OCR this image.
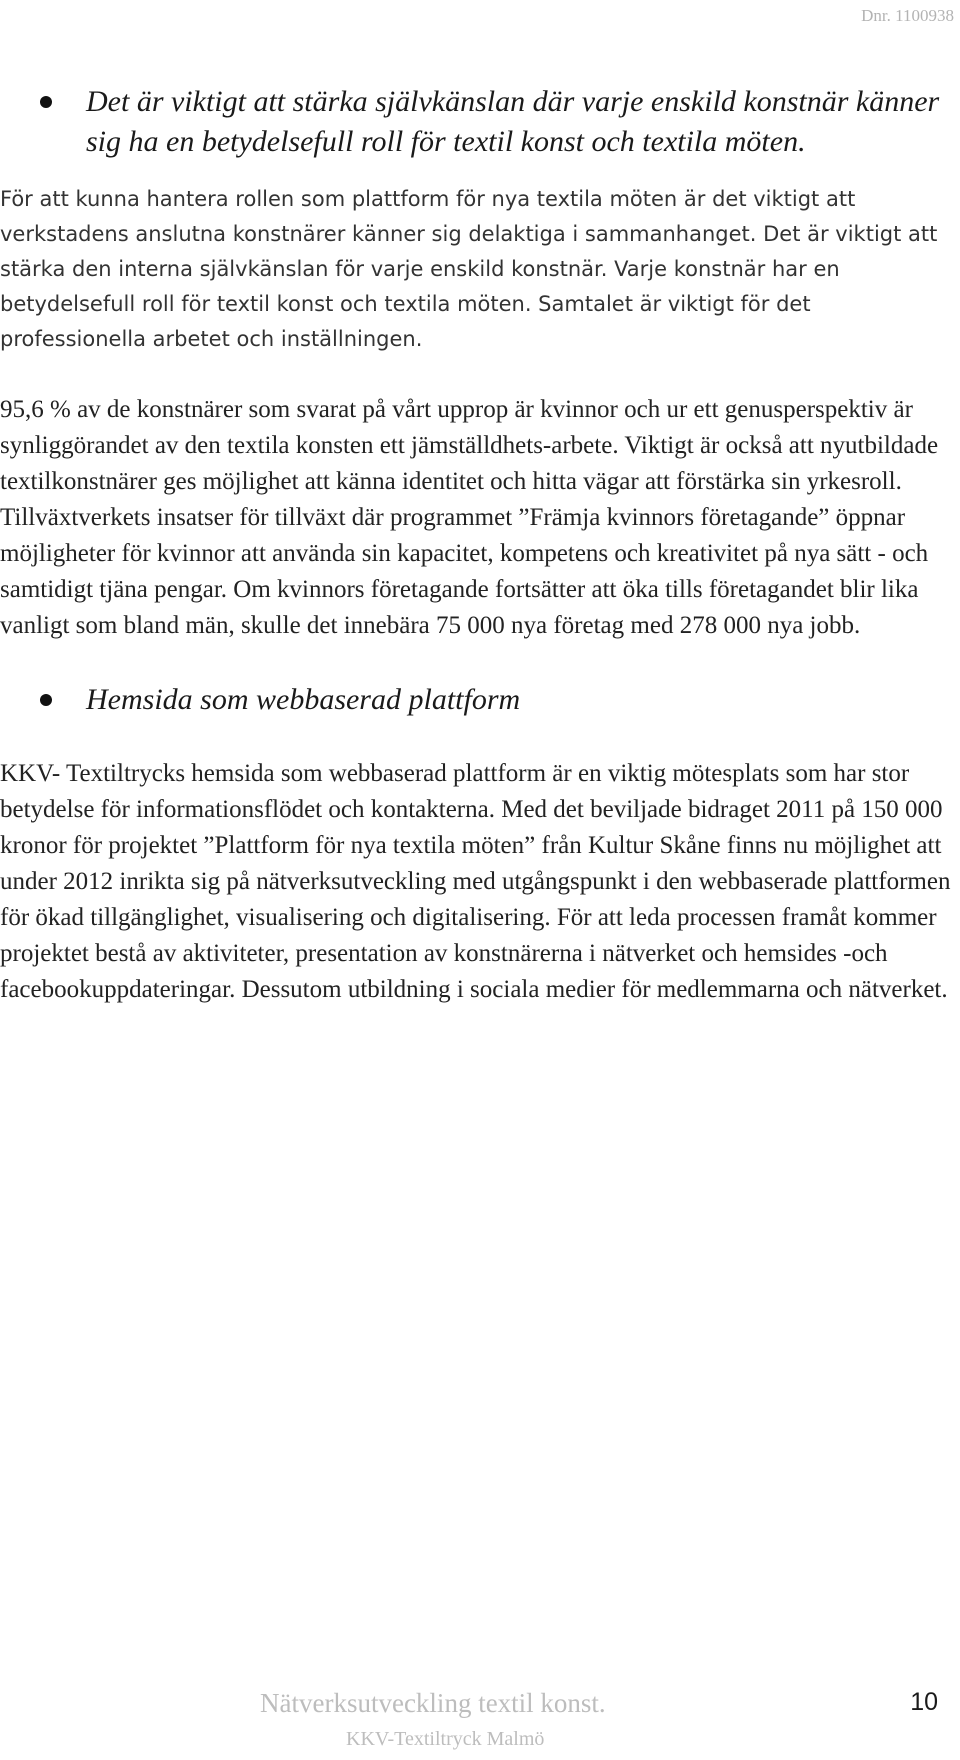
Dnr. 1100938
Det är viktigt att stärka självkänslan där varje enskild konstnär känner sig ha en betydelsefull roll för textil konst och textila möten.

För att kunna hantera rollen som plattform för nya textila möten är det viktigt att verkstadens anslutna konstnärer känner sig delaktiga i sammanhanget. Det är viktigt att stärka den interna självkänslan för varje enskild konstnär. Varje konstnär har en betydelsefull roll för textil konst och textila möten. Samtalet är viktigt för det professionella arbetet och inställningen.

95,6 % av de konstnärer som svarat på vårt upprop är kvinnor och ur ett genusperspektiv är synliggörandet av den textila konsten ett jämställdhets-arbete. Viktigt är också att nyutbildade textilkonstnärer ges möjlighet att känna identitet och hitta vägar att förstärka sin yrkesroll. Tillväxtverkets insatser för tillväxt där programmet ”Främja kvinnors företagande” öppnar möjligheter för kvinnor att använda sin kapacitet, kompetens och kreativitet på nya sätt - och samtidigt tjäna pengar. Om kvinnors företagande fortsätter att öka tills företagandet blir lika vanligt som bland män, skulle det innebära 75 000 nya företag med 278 000 nya jobb.

Hemsida som webbaserad plattform

KKV- Textiltrycks hemsida som webbaserad plattform är en viktig mötesplats som har stor betydelse för informationsflödet och kontakterna. Med det beviljade bidraget 2011 på 150 000 kronor för projektet ”Plattform för nya textila möten” från Kultur Skåne finns nu möjlighet att under 2012 inrikta sig på nätverksutveckling med utgångspunkt i den webbaserade plattformen för ökad tillgänglighet, visualisering och digitalisering. För att leda processen framåt kommer projektet bestå av aktiviteter, presentation av konstnärerna i nätverket och hemsides -och facebookuppdateringar. Dessutom utbildning i sociala medier för medlemmarna och nätverket.

Nätverksutveckling textil konst.
KKV-Textiltryck Malmö
10
